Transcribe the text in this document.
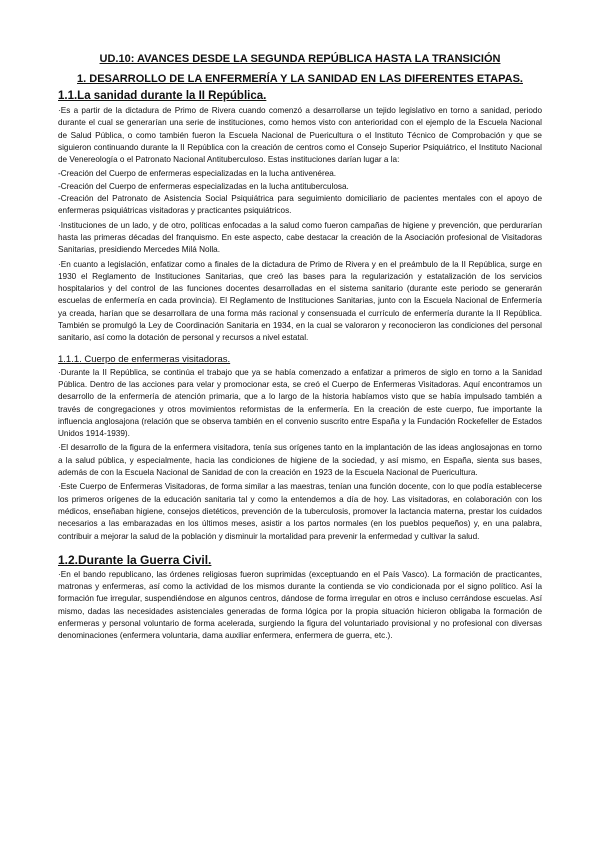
UD.10: AVANCES DESDE LA SEGUNDA REPÚBLICA HASTA LA TRANSICIÓN

1. DESARROLLO DE LA ENFERMERÍA Y LA SANIDAD EN LAS DIFERENTES ETAPAS.

1.1.La sanidad durante la II República.

·Es a partir de la dictadura de Primo de Rivera cuando comenzó a desarrollarse un tejido legislativo en torno a sanidad, periodo durante el cual se generarían una serie de instituciones, como hemos visto con anterioridad con el ejemplo de la Escuela Nacional de Salud Pública, o como también fueron la Escuela Nacional de Puericultura o el Instituto Técnico de Comprobación y que se siguieron continuando durante la II República con la creación de centros como el Consejo Superior Psiquiátrico, el Instituto Nacional de Venereología o el Patronato Nacional Antituberculoso. Estas instituciones darían lugar a la:

-Creación del Cuerpo de enfermeras especializadas en la lucha antivenérea.

-Creación del Cuerpo de enfermeras especializadas en la lucha antituberculosa.

-Creación del Patronato de Asistencia Social Psiquiátrica para seguimiento domiciliario de pacientes mentales con el apoyo de enfermeras psiquiátricas visitadoras y practicantes psiquiátricos.

·Instituciones de un lado, y de otro, políticas enfocadas a la salud como fueron campañas de higiene y prevención, que perdurarían hasta las primeras décadas del franquismo. En este aspecto, cabe destacar la creación de la Asociación profesional de Visitadoras Sanitarias, presidiendo Mercedes Milá Nolla.

·En cuanto a legislación, enfatizar como a finales de la dictadura de Primo de Rivera y en el preámbulo de la II República, surge en 1930 el Reglamento de Instituciones Sanitarias, que creó las bases para la regularización y estatalización de los servicios hospitalarios y del control de las funciones docentes desarrolladas en el sistema sanitario (durante este periodo se generarán escuelas de enfermería en cada provincia). El Reglamento de Instituciones Sanitarias, junto con la Escuela Nacional de Enfermería ya creada, harían que se desarrollara de una forma más racional y consensuada el currículo de enfermería durante la II República. También se promulgó la Ley de Coordinación Sanitaria en 1934, en la cual se valoraron y reconocieron las condiciones del personal sanitario, así como la dotación de personal y recursos a nivel estatal.

1.1.1. Cuerpo de enfermeras visitadoras.

·Durante la II República, se continúa el trabajo que ya se había comenzado a enfatizar a primeros de siglo en torno a la Sanidad Pública. Dentro de las acciones para velar y promocionar esta, se creó el Cuerpo de Enfermeras Visitadoras. Aquí encontramos un desarrollo de la enfermería de atención primaria, que a lo largo de la historia habíamos visto que se había impulsado también a través de congregaciones y otros movimientos reformistas de la enfermería. En la creación de este cuerpo, fue importante la influencia anglosajona (relación que se observa también en el convenio suscrito entre España y la Fundación Rockefeller de Estados Unidos 1914-1939).

·El desarrollo de la figura de la enfermera visitadora, tenía sus orígenes tanto en la implantación de las ideas anglosajonas en torno a la salud pública, y especialmente, hacia las condiciones de higiene de la sociedad, y así mismo, en España, sienta sus bases, además de con la Escuela Nacional de Sanidad de con la creación en 1923 de la Escuela Nacional de Puericultura.

·Este Cuerpo de Enfermeras Visitadoras, de forma similar a las maestras, tenían una función docente, con lo que podía establecerse los primeros orígenes de la educación sanitaria tal y como la entendemos a día de hoy. Las visitadoras, en colaboración con los médicos, enseñaban higiene, consejos dietéticos, prevención de la tuberculosis, promover la lactancia materna, prestar los cuidados necesarios a las embarazadas en los últimos meses, asistir a los partos normales (en los pueblos pequeños) y, en una palabra, contribuir a mejorar la salud de la población y disminuir la mortalidad para prevenir la enfermedad y cultivar la salud.

1.2.Durante la Guerra Civil.

·En el bando republicano, las órdenes religiosas fueron suprimidas (exceptuando en el País Vasco). La formación de practicantes, matronas y enfermeras, así como la actividad de los mismos durante la contienda se vio condicionada por el signo político. Así la formación fue irregular, suspendiéndose en algunos centros, dándose de forma irregular en otros e incluso cerrándose escuelas. Así mismo, dadas las necesidades asistenciales generadas de forma lógica por la propia situación hicieron obligaba la formación de enfermeras y personal voluntario de forma acelerada, surgiendo la figura del voluntariado provisional y no profesional con diversas denominaciones (enfermera voluntaria, dama auxiliar enfermera, enfermera de guerra, etc.).
